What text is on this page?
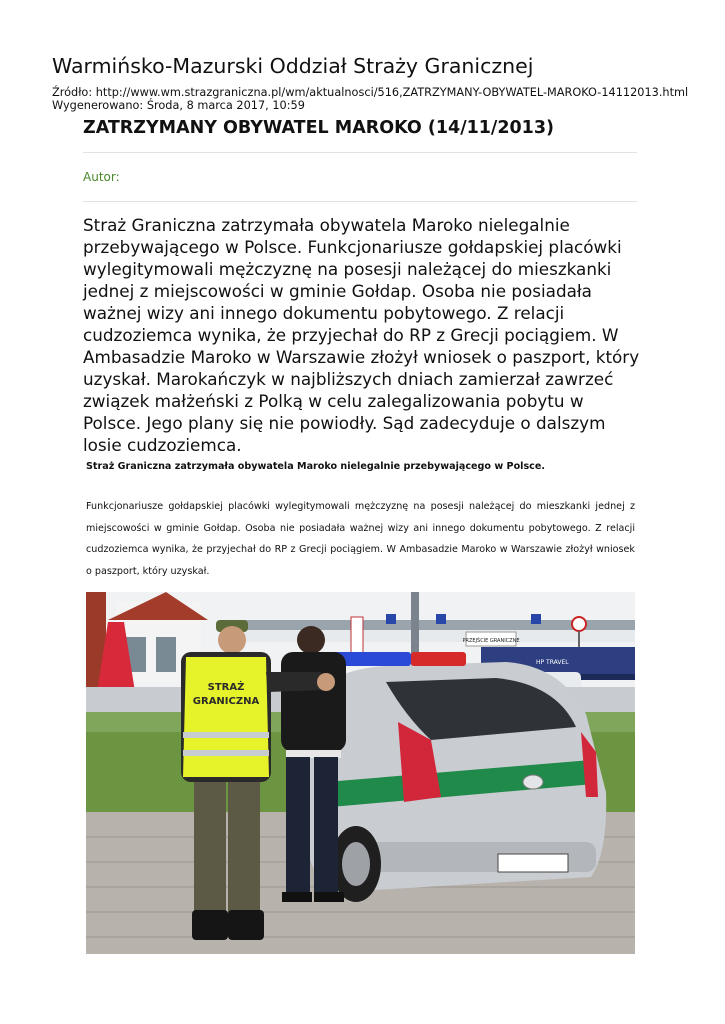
Warmińsko-Mazurski Oddział Straży Granicznej
Źródło: http://www.wm.strazgraniczna.pl/wm/aktualnosci/516,ZATRZYMANY-OBYWATEL-MAROKO-14112013.html
Wygenerowano: Środa, 8 marca 2017, 10:59
ZATRZYMANY OBYWATEL MAROKO (14/11/2013)
Autor:
Straż Graniczna zatrzymała obywatela Maroko nielegalnie przebywającego w Polsce. Funkcjonariusze gołdapskiej placówki wylegitymowali mężczyznę na posesji należącej do mieszkanki jednej z miejscowości w gminie Gołdap. Osoba nie posiadała ważnej wizy ani innego dokumentu pobytowego. Z relacji cudzoziemca wynika, że przyjechał do RP z Grecji pociągiem. W Ambasadzie Maroko w Warszawie złożył wniosek o paszport, który uzyskał. Marokańczyk w najbliższych dniach zamierzał zawrzeć związek małżeński z Polką w celu zalegalizowania pobytu w Polsce. Jego plany się nie powiodły. Sąd zadecyduje o dalszym losie cudzoziemca.
Straż Graniczna zatrzymała obywatela Maroko nielegalnie przebywającego w Polsce.
Funkcjonariusze gołdapskiej placówki wylegitymowali mężczyznę na posesji należącej do mieszkanki jednej z miejscowości w gminie Gołdap. Osoba nie posiadała ważnej wizy ani innego dokumentu pobytowego. Z relacji cudzoziemca wynika, że przyjechał do RP z Grecji pociągiem. W Ambasadzie Maroko w Warszawie złożył wniosek o paszport, który uzyskał.
PRZEJŚCIE GRANICZNE
HP TRAVEL
STRAŻ
GRANICZNA
